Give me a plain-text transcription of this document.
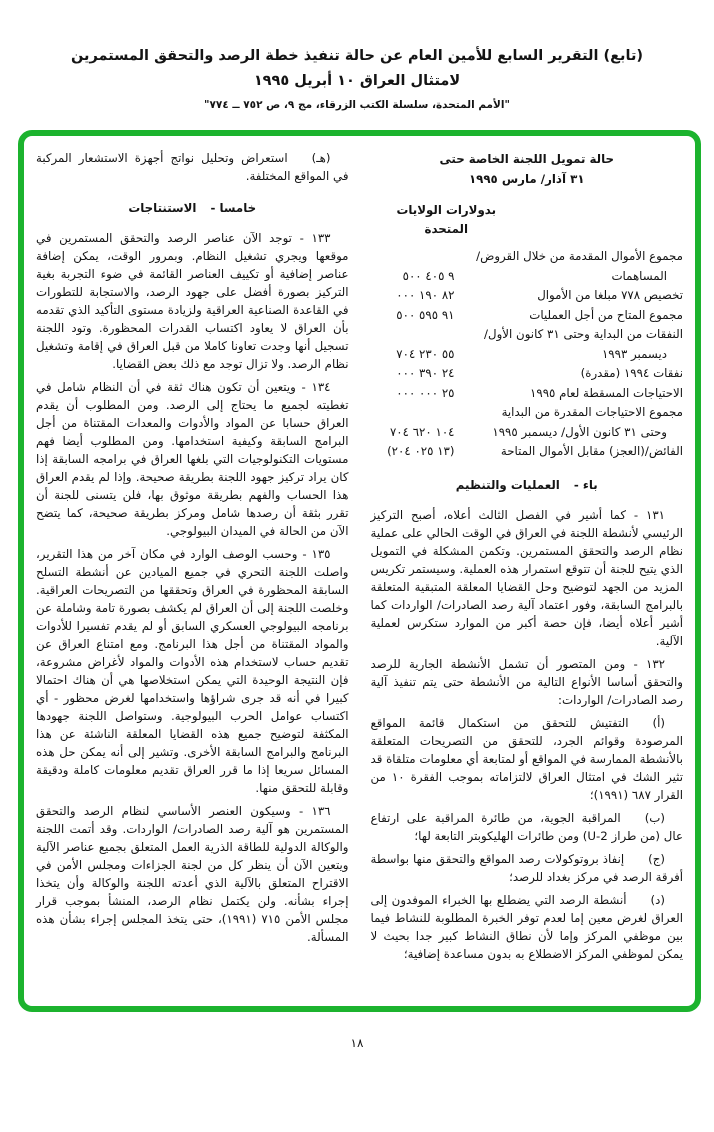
(تابع) التقرير السابع للأمين العام عن حالة تنفيذ خطة الرصد والتحقق المستمرين
لامتثال العراق ١٠ أبريل ١٩٩٥
"الأمم المتحدة، سلسلة الكتب الزرقاء، مج ٩، ص ٧٥٢ ــ ٧٧٤"
حالة تمويل اللجنة الخاصة حتى
٣١ آذار/ مارس ١٩٩٥
بدولارات الولايات
المتحدة
مجموع الأموال المقدمة من خلال القروض/
المساهمات
٩ ٤٠٥ ٥٠٠
تخصيص ٧٧٨ مبلغا من الأموال
٨٢ ١٩٠ ٠٠٠
مجموع المتاح من أجل العمليات
٩١ ٥٩٥ ٥٠٠
النفقات من البداية وحتى ٣١ كانون الأول/
ديسمبر ١٩٩٣
٥٥ ٢٣٠ ٧٠٤
نفقات ١٩٩٤ (مقدرة)
٢٤ ٣٩٠ ٠٠٠
الاحتياجات المسقطة لعام ١٩٩٥
٢٥ ٠٠٠ ٠٠٠
مجموع الاحتياجات المقدرة من البداية
وحتى ٣١ كانون الأول/ ديسمبر ١٩٩٥
١٠٤ ٦٢٠ ٧٠٤
الفائض/(العجز) مقابل الأموال المتاحة
(١٣ ٠٢٥ ٢٠٤)
باء -العمليات والتنظيم

١٣١ - كما أشير في الفصل الثالث أعلاه، أصبح التركيز الرئيسي لأنشطة اللجنة في العراق في الوقت الحالي على عملية نظام الرصد والتحقق المستمرين. وتكمن المشكلة في التمويل الذي يتيح للجنة أن تتوقع استمرار هذه العملية. وسيستمر تكريس المزيد من الجهد لتوضيح وحل القضايا المعلقة المتبقية المتعلقة بالبرامج السابقة، وفور اعتماد آلية رصد الصادرات/ الواردات كما أشير أعلاه أيضا، فإن حصة أكبر من الموارد ستكرس لعملية الآلية.

١٣٢ - ومن المتصور أن تشمل الأنشطة الجارية للرصد والتحقق أساسا الأنواع التالية من الأنشطة حتى يتم تنفيذ آلية رصد الصادرات/ الواردات:

(أ)التفتيش للتحقق من استكمال قائمة المواقع المرصودة وقوائم الجرد، للتحقق من التصريحات المتعلقة بالأنشطة الممارسة في المواقع أو لمتابعة أي معلومات متلقاة قد تثير الشك في امتثال العراق لالتزاماته بموجب الفقرة ١٠ من القرار ٦٨٧ (١٩٩١)؛

(ب)المراقبة الجوية، من طائرة المراقبة على ارتفاع عال (من طراز U-2) ومن طائرات الهليكوبتر التابعة لها؛

(ج)إنفاذ بروتوكولات رصد المواقع والتحقق منها بواسطة أفرقة الرصد في مركز بغداد للرصد؛

(د)أنشطة الرصد التي يضطلع بها الخبراء الموفدون إلى العراق لغرض معين إما لعدم توفر الخبرة المطلوبة للنشاط فيما بين موظفي المركز وإما لأن نطاق النشاط كبير جدا بحيث لا يمكن لموظفي المركز الاضطلاع به بدون مساعدة إضافية؛

(هـ)استعراض وتحليل نواتج أجهزة الاستشعار المركبة في المواقع المختلفة.

خامسا -الاستنتاجات

١٣٣ - توجد الآن عناصر الرصد والتحقق المستمرين في موقعها ويجري تشغيل النظام. وبمرور الوقت، يمكن إضافة عناصر إضافية أو تكييف العناصر القائمة في ضوء التجربة بغية التركيز بصورة أفضل على جهود الرصد، والاستجابة للتطورات في القاعدة الصناعية العراقية ولزيادة مستوى التأكيد الذي تقدمه بأن العراق لا يعاود اكتساب القدرات المحظورة. وتود اللجنة تسجيل أنها وجدت تعاونا كاملا من قبل العراق في إقامة وتشغيل نظام الرصد. ولا تزال توجد مع ذلك بعض القضايا.

١٣٤ - ويتعين أن تكون هناك ثقة في أن النظام شامل في تغطيته لجميع ما يحتاج إلى الرصد. ومن المطلوب أن يقدم العراق حسابا عن المواد والأدوات والمعدات المقتناة من أجل البرامج السابقة وكيفية استخدامها. ومن المطلوب أيضا فهم مستويات التكنولوجيات التي بلغها العراق في برامجه السابقة إذا كان يراد تركيز جهود اللجنة بطريقة صحيحة. وإذا لم يقدم العراق هذا الحساب والفهم بطريقة موثوق بها، فلن يتسنى للجنة أن تقرر بثقة أن رصدها شامل ومركز بطريقة صحيحة، كما يتضح الآن من الحالة في الميدان البيولوجي.

١٣٥ - وحسب الوصف الوارد في مكان آخر من هذا التقرير، واصلت اللجنة التحري في جميع الميادين عن أنشطة التسلح السابقة المحظورة في العراق وتحققها من التصريحات العراقية. وخلصت اللجنة إلى أن العراق لم يكشف بصورة تامة وشاملة عن برنامجه البيولوجي العسكري السابق أو لم يقدم تفسيرا للأدوات والمواد المقتناة من أجل هذا البرنامج. ومع امتناع العراق عن تقديم حساب لاستخدام هذه الأدوات والمواد لأغراض مشروعة، فإن النتيجة الوحيدة التي يمكن استخلاصها هي أن هناك احتمالا كبيرا في أنه قد جرى شراؤها واستخدامها لغرض محظور - أي اكتساب عوامل الحرب البيولوجية. وستواصل اللجنة جهودها المكثفة لتوضيح جميع هذه القضايا المعلقة الناشئة عن هذا البرنامج والبرامج السابقة الأخرى. وتشير إلى أنه يمكن حل هذه المسائل سريعا إذا ما قرر العراق تقديم معلومات كاملة ودقيقة وقابلة للتحقق منها.

١٣٦ - وسيكون العنصر الأساسي لنظام الرصد والتحقق المستمرين هو آلية رصد الصادرات/ الواردات. وقد أتمت اللجنة والوكالة الدولية للطاقة الذرية العمل المتعلق بجميع عناصر الآلية ويتعين الآن أن ينظر كل من لجنة الجزاءات ومجلس الأمن في الاقتراح المتعلق بالآلية الذي أعدته اللجنة والوكالة وأن يتخذا إجراء بشأنه. ولن يكتمل نظام الرصد، المنشأ بموجب قرار مجلس الأمن ٧١٥ (١٩٩١)، حتى يتخذ المجلس إجراء بشأن هذه المسألة.

١٨
